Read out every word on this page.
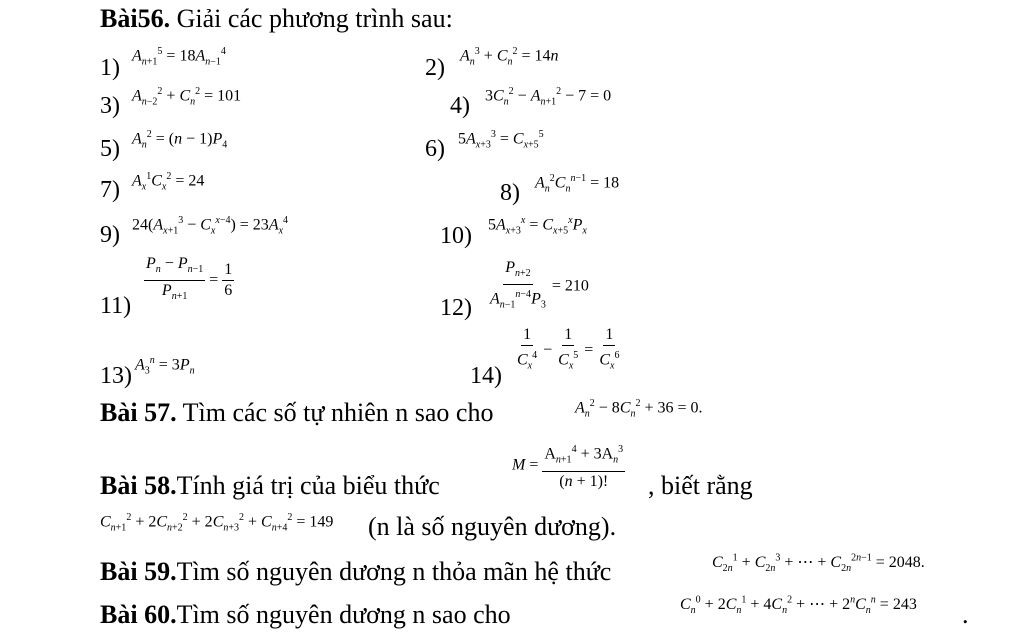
Bài56. Giải các phương trình sau:
1) $A_{n+1}^5 = 18A_{n-1}^4$
2) $A_n^3 + C_n^2 = 14n$
3) $A_{n-2}^2 + C_n^2 = 101$	4) $3C_n^2 - A_{n+1}^2 - 7 = 0$
5) $A_n^2 = (n - 1)P_4$	6) $5A_{x+3}^3 = C_{x+5}^5$
7) $A_x^1C_x^2 = 24$	8) $A_n^2C_n^{n-1} = 18$
9) $24(A_{x+1}^3 - C_x^{x-4}) = 23A_x^4$
10) $5A_{x+3}^x = C_{x+5}^xP_x$
$11) \frac{P_n - P_{n-1}}{P_{n+1}} = \frac{1}{6}$
$12) \frac{P_{n+2}}{A_{n-1}^{n-4}P_3} = 210$
13) $A_3^n = 3P_n$	$14) \frac{1}{C_x^4} - \frac{1}{C_x^5} = \frac{1}{C_x^6}$
Bài 57. Tìm các số tự nhiên n sao cho	$A_n^2 - 8C_n^2 + 36 = 0$.
Bài 58.Tính giá trị của biểu thức
$M = \frac{A_{n+1}^4 + 3A_n^3}{(n + 1)!}$ , biết rằng
$C_{n+1}^2 + 2C_{n+2}^2 + 2C_{n+3}^2 + C_{n+4}^2 = 149$ (n là số nguyên dương).
Bài 59.Tìm số nguyên dương n thỏa mãn hệ thức	$C_{2n}^1 + C_{2n}^3$ + ⋯ + $C_{2n}^{2n-1} = 2048$.
Bài 60.Tìm số nguyên dương n sao cho	$C_n^0 + 2C_n^1 + 4C_n^2$ + ⋯ + $2^nC_n^n = 243$ .
